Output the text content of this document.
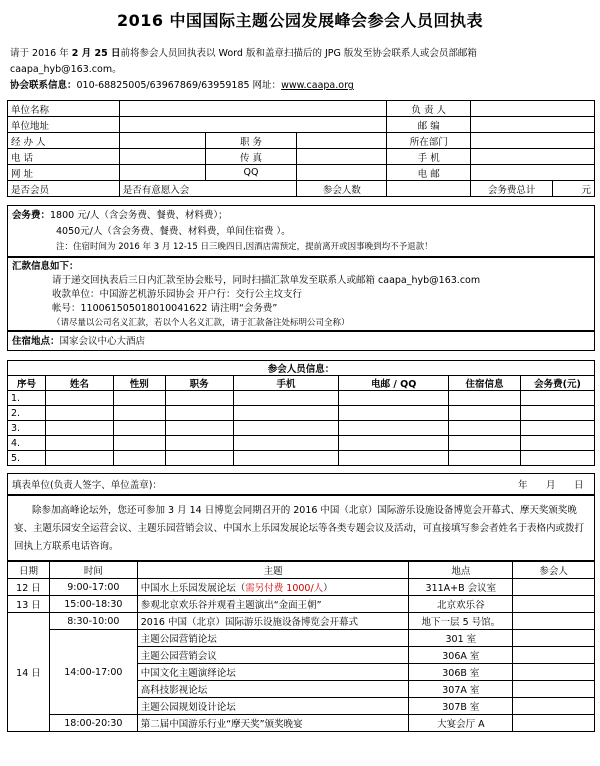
2016 中国国际主题公园发展峰会参会人员回执表
请于 2016 年 2 月 25 日前将参会人员回执表以 Word 版和盖章扫描后的 JPG 版发至协会联系人或会员部邮箱
caapa_hyb@163.com。
协会联系信息：010-68825005/63967869/63959185 网址：www.caapa.org
单位名称				负 责 人		
单位地址				邮 编		
经 办 人		职 务		所在部门		
电 话		传 真		手 机		
网 址		QQ		电 邮		
是否会员	是否有意愿入会		参会人数		会务费总计	元
会务费：1800 元/人（含会务费、餐费、材料费）；
4050元/人（含会务费、餐费、材料费，单间住宿费 ）。
注：住宿时间为 2016 年 3 月 12-15 日三晚四日,因酒店需预定，提前离开或因事晚到均不予退款！
汇款信息如下：
请于递交回执表后三日内汇款至协会账号，同时扫描汇款单发至联系人或邮箱 caapa_hyb@163.com
收款单位：中国游艺机游乐园协会 开户行：交行公主坟支行
帐号：110061505018010041622 请注明“会务费”
（请尽量以公司名义汇款，若以个人名义汇款，请于汇款备注处标明公司全称）
住宿地点：国家会议中心大酒店
参会人员信息：							
序号	姓名	性别	职务	手机	电邮 / QQ	住宿信息	会务费(元)
1.							
2.							
3.							
4.							
5.							
填表单位(负责人签字、单位盖章)：	年 月 日
除参加高峰论坛外，您还可参加 3 月 14 日博览会同期召开的 2016 中国（北京）国际游乐设施设备博览会开幕式、摩天奖颁奖晚宴、主题乐园安全运营会议、主题乐园营销会议、中国水上乐园发展论坛等各类专题会议及活动，可直接填写参会者姓名于表格内或拨打回执上方联系电话咨询。
日期	时间	主题	地点	参会人
12 日	9:00-17:00	中国水上乐园发展论坛（需另付费 1000/人）	311A+B 会议室	
13 日	15:00-18:30	参观北京欢乐谷并观看主题演出“金面王朝”	北京欢乐谷	
14 日	8:30-10:00	2016 中国（北京）国际游乐设施设备博览会开幕式	地下一层 5 号馆。	
	14:00-17:00	主题公园营销论坛	301 室	
		主题公园营销会议	306A 室	
		中国文化主题演绎论坛	306B 室	
		高科技影视论坛	307A 室	
		主题公园规划设计论坛	307B 室	
	18:00-20:30	第二届中国游乐行业“摩天奖”颁奖晚宴	大宴会厅 A	
